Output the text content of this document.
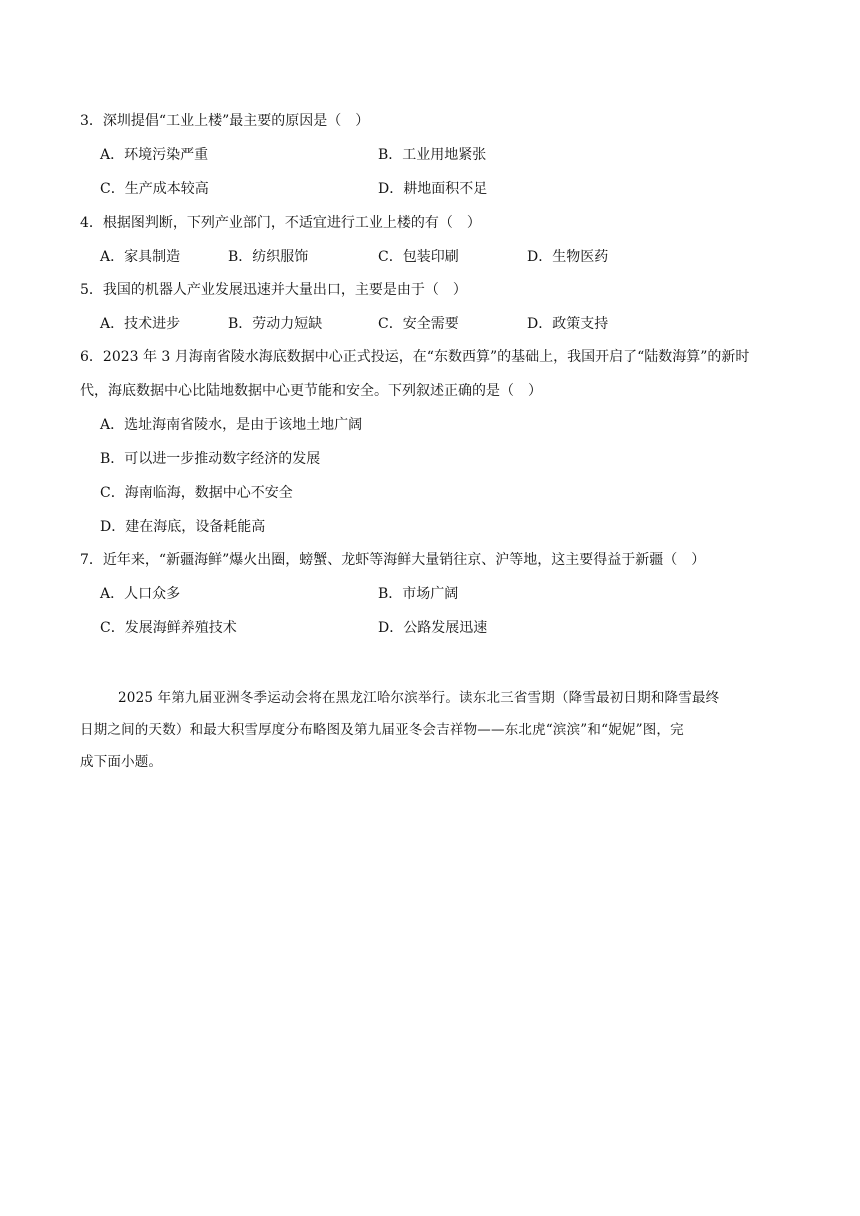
3．深圳提倡“工业上楼”最主要的原因是（　）
A．环境污染严重	B．工业用地紧张
C．生产成本较高	D．耕地面积不足
4．根据图判断，下列产业部门，不适宜进行工业上楼的有（　）
A．家具制造	B．纺织服饰	C．包装印刷	D．生物医药
5．我国的机器人产业发展迅速并大量出口，主要是由于（　）
A．技术进步	B．劳动力短缺	C．安全需要	D．政策支持
6．2023 年 3 月海南省陵水海底数据中心正式投运，在“东数西算”的基础上，我国开启了“陆数海算”的新时
代，海底数据中心比陆地数据中心更节能和安全。下列叙述正确的是（　）
A．选址海南省陵水，是由于该地土地广阔
B．可以进一步推动数字经济的发展
C．海南临海，数据中心不安全
D．建在海底，设备耗能高
7．近年来，“新疆海鲜”爆火出圈，螃蟹、龙虾等海鲜大量销往京、沪等地，这主要得益于新疆（　）
A．人口众多	B．市场广阔
C．发展海鲜养殖技术	D．公路发展迅速
2025 年第九届亚洲冬季运动会将在黑龙江哈尔滨举行。读东北三省雪期（降雪最初日期和降雪最终
日期之间的天数）和最大积雪厚度分布略图及第九届亚冬会吉祥物——东北虎“滨滨”和“妮妮”图，完
成下面小题。
